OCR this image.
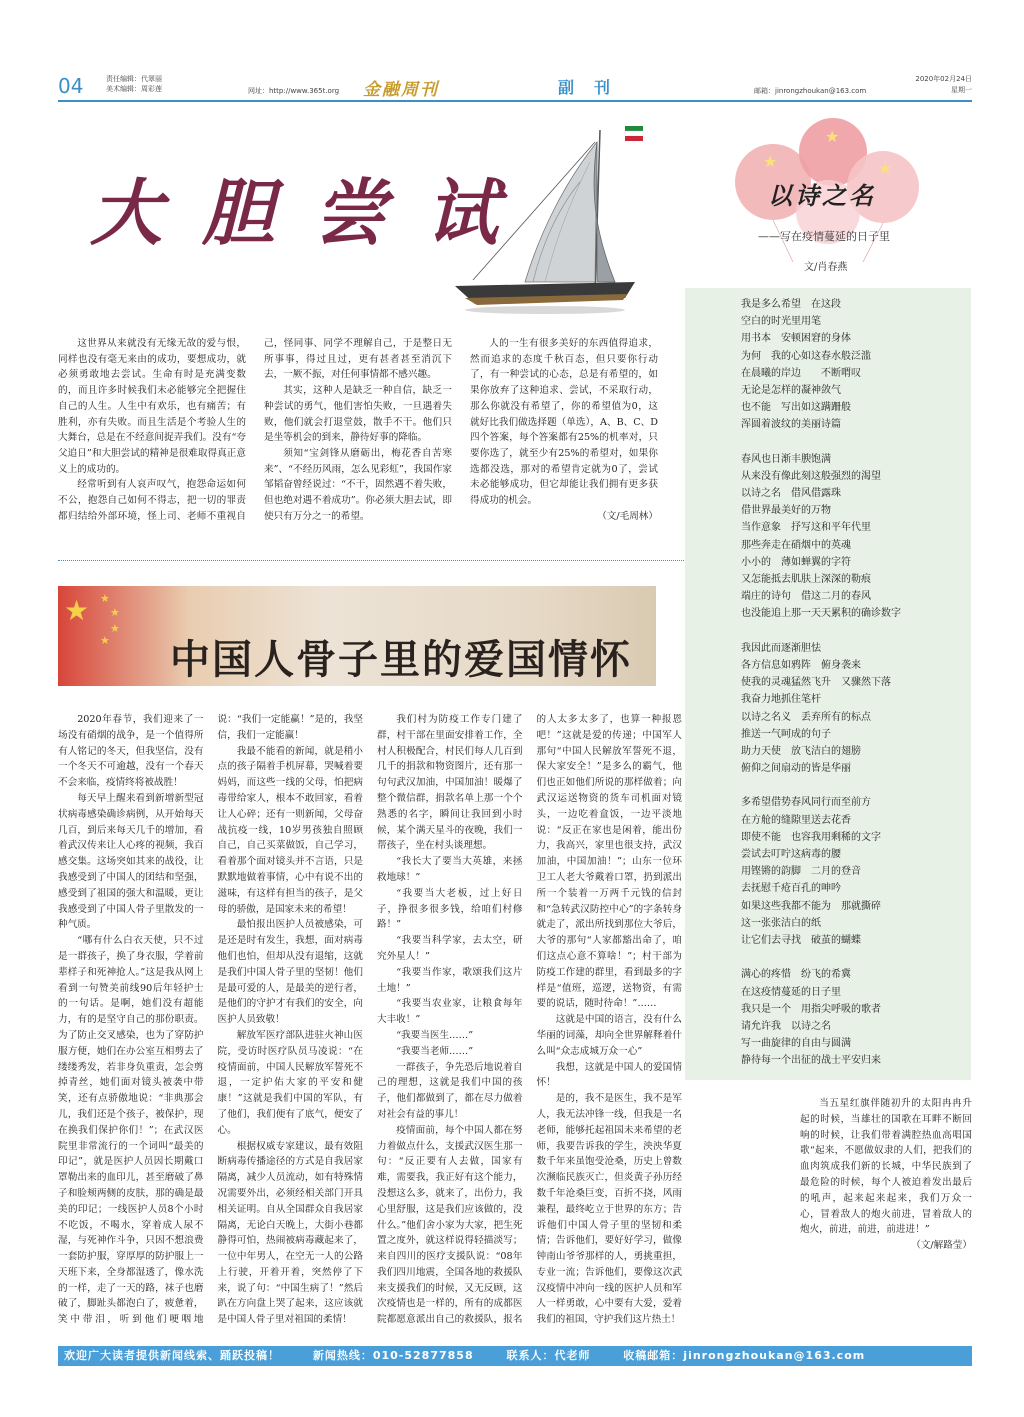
04	责任编辑：代翠丽
美术编辑：周彩莲	网址：http://www.365t.org 金融周刊	副刊	邮箱：jinrongzhoukan@163.com
2020年02月24日
星期一
大胆尝试
★
★
★
以诗之名
——写在疫情蔓延的日子里
文/肖春燕
我是多么希望　在这段
空白的时光里用笔
用书本　安顿困窘的身体
为何　我的心如这春水般泛滥
在晨曦的岸边　　不断喟叹
无论是怎样的凝神敛气
也不能　写出如这蹒跚般
浑圆着波纹的美丽诗篇
春风也日渐丰腴饱满
从来没有像此刻这般强烈的渴望
以诗之名　借风借露珠
借世界最美好的万物
当作意象　抒写这和平年代里
那些奔走在硝烟中的英魂
小小的　薄如蝉翼的字符
又怎能抵去肌肤上深深的勒痕
端庄的诗句　借这二月的春风
也没能追上那一天天累积的确诊数字
我因此而逐渐胆怯
各方信息如鸦阵　俯身袭来
使我的灵魂猛然飞升　又骤然下落
我奋力地抓住笔杆
以诗之名义　丢弃所有的标点
推送一气呵成的句子
助力天使　放飞洁白的翅膀
俯仰之间扇动的皆是华丽
多希望借势春风同行而至前方
在方舱的缝隙里送去花香
即使不能　也容我用剩稀的文字
尝试去叮咛这病毒的腰
用铿锵的韵脚　二月的登音
去抚慰千疮百孔的呻吟
如果这些我都不能为　那就撕碎
这一张张洁白的纸
让它们去寻找　破茧的蝴蝶
满心的疼惜　纷飞的希冀
在这疫情蔓延的日子里
我只是一个　用指尖呼吸的歌者
请允许我　以诗之名
写一曲旋律的自由与圆满
静待每一个出征的战士平安归来

这世界从来就没有无缘无故的爱与恨，同样也没有毫无来由的成功，要想成功，就必须勇敢地去尝试。生命有时是充满变数的，而且许多时候我们未必能够完全把握住自己的人生。人生中有欢乐，也有痛苦；有胜利，亦有失败。而且生活是个考验人生的大舞台，总是在不经意间捉弄我们。没有“夸父追日”和大胆尝试的精神是很难取得真正意义上的成功的。

经常听到有人哀声叹气，抱怨命运如何不公，抱怨自己如何不得志，把一切的罪责都归结给外部环境，怪上司、老师不重视自己，怪同事、同学不理解自己，于是整日无所事事，得过且过，更有甚者甚至消沉下去，一厥不振，对任何事情都不感兴趣。

其实，这种人是缺乏一种自信，缺乏一种尝试的勇气，他们害怕失败，一旦遇着失败，他们就会打退堂鼓，散手不干。他们只是坐等机会的到来，静待好事的降临。

须知“宝剑锋从磨砺出，梅花香自苦寒来”、“不经历风雨，怎么见彩虹”，我国作家邹韬奋曾经说过：“不干，固然遇不着失败，但也绝对遇不着成功”。你必须大胆去试，即使只有万分之一的希望。

人的一生有很多美好的东西值得追求，然而追求的态度千秋百态，但只要你行动了，有一种尝试的心态，总是有希望的，如果你放弃了这种追求、尝试，不采取行动，那么你就没有希望了，你的希望值为0，这就好比我们做选择题（单选），A、B、C、D四个答案，每个答案都有25%的机率对，只要你选了，就至少有25%的希望对，如果你选都没选，那对的希望肯定就为0了，尝试未必能够成功，但它却能让我们拥有更多获得成功的机会。

（文/毛周林）
★ ★
★
★
★ 中国人骨子里的爱国情怀

2020年春节，我们迎来了一场没有硝烟的战争，是一个值得所有人铭记的冬天，但我坚信，没有一个冬天不可逾越，没有一个春天不会来临，疫情终将被战胜！

每天早上醒来看到新增新型冠状病毒感染确诊病例，从开始每天几百，到后来每天几千的增加，看着武汉传来让人心疼的视频，我百感交集。这场突如其来的战役，让我感受到了中国人的团结和坚强，感受到了祖国的强大和温暖，更让我感受到了中国人骨子里散发的一种气质。

“哪有什么白衣天使，只不过是一群孩子，换了身衣服，学着前辈样子和死神抢人。”这是我从网上看到一句赞美前线90后年轻护士的一句话。是啊，她们没有超能力，有的是坚守自己的那份职责。为了防止交叉感染，也为了穿防护服方便，她们在办公室互相剪去了缕缕秀发，若非身负重责，怎会剪掉青丝，她们面对镜头被袭中带笑，还有点骄傲地说：“非典那会儿，我们还是个孩子，被保护，现在换我们保护你们！”；在武汉医院里非常流行的一个词叫“最美的印记”，就是医护人员因长期戴口罩勒出来的血印儿，甚至磨破了鼻子和脸颊两侧的皮肤，那的确是最美的印记；一线医护人员8个小时不吃饭，不喝水，穿着成人尿不湿，与死神作斗争，只因不想浪费一套防护服，穿厚厚的防护服上一天班下来，全身都湿透了，像水洗的一样，走了一天的路，袜子也磨破了，脚趾头都泡白了，疲惫着，笑中带泪，听到他们哽咽地说：“我们一定能赢！”是的，我坚信，我们一定能赢！

我最不能看的新闻，就是稍小点的孩子隔着手机屏幕，哭喊着要妈妈，而这些一线的父母，怕把病毒带给家人，根本不敢回家，看着让人心碎；还有一则新闻，父母奋战抗疫一线，10岁男孩独自照顾自己，自己买菜做饭，自己学习，看着那个面对镜头并不言语，只是默默地做着事情，心中有说不出的滋味，有这样有担当的孩子，是父母的骄傲，是国家未来的希望！

最怕报出医护人员被感染，可是还是时有发生，我想，面对病毒他们也怕，但却从没有退缩，这就是我们中国人骨子里的坚韧！他们是最可爱的人，是最美的逆行者，是他们的守护才有我们的安全，向医护人员致敬！

解放军医疗部队进驻火神山医院，受访时医疗队员马凌说：“在疫情面前，中国人民解放军誓死不退，一定护佑大家的平安和健康！”这就是我们中国的军队，有了他们，我们便有了底气，便安了心。

根据权威专家建议，最有效阻断病毒传播途径的方式是自我居家隔离，减少人员流动，如有特殊情况需要外出，必须经相关部门开具相关证明。自从全国群众自我居家隔离，无论白天晚上，大街小巷都静得可怕，热闹被病毒藏起来了，一位中年男人，在空无一人的公路上行驶，开着开着，突然停了下来，说了句：“中国生病了！”然后趴在方向盘上哭了起来，这应该就是中国人骨子里对祖国的柔情！

我们村为防疫工作专门建了群，村干部在里面安排着工作，全村人积极配合，村民们每人几百到几千的捐款和物资图片，还有那一句句武汉加油，中国加油！暖爆了整个微信群，捐款名单上那一个个熟悉的名字，瞬间让我回到小时候，某个满天星斗的夜晚，我们一帮孩子，坐在村头谈理想。

“我长大了要当大英雄，来拯救地球！”

“我要当大老板，过上好日子，挣很多很多钱，给咱们村修路！”

“我要当科学家，去太空，研究外星人！”

“我要当作家，歌颂我们这片土地！”

“我要当农业家，让粮食每年大丰收！”

“我要当医生……”

“我要当老师……”

一群孩子，争先恐后地说着自己的理想，这就是我们中国的孩子，他们都做到了，都在尽力做着对社会有益的事儿！

疫情面前，每个中国人都在努力着做点什么，支援武汉医生那一句：“反正要有人去做，国家有难，需要我，我正好有这个能力，没想这么多，就来了，出份力，我心里舒服，这是我们应该做的，没什么。”他们舍小家为大家，把生死置之度外，就这样说得轻描淡写；来自四川的医疗支援队说：“08年我们四川地震，全国各地的救援队来支援我们的时候，又无反顾，这次疫情也是一样的，所有的成都医院都愿意派出自己的救援队，报名的人太多太多了，也算一种报恩吧！”这就是爱的传递；中国军人那句“中国人民解放军誓死不退，保大家安全！”是多么的霸气，他们也正如他们所说的那样做着；向武汉运送物资的货车司机面对镜头，一边吃着盒饭，一边平淡地说：“反正在家也是闲着，能出份力，我高兴，家里也很支持，武汉加油，中国加油！”；山东一位环卫工人老大爷戴着口罩，扔到派出所一个装着一万两千元钱的信封和“急转武汉防控中心”的字条转身就走了，派出所找到那位大爷后，大爷的那句“人家都豁出命了，咱们这点心意不算啥！”；村干部为防疫工作建的群里，看到最多的字样是“值班，巡逻，送物资，有需要的说话，随时待命！”……

这就是中国的语言，没有什么华丽的词藻，却向全世界解释着什么叫“众志成城万众一心”

我想，这就是中国人的爱国情怀！

是的，我不是医生，我不是军人，我无法冲锋一线，但我是一名老师，能够托起祖国未来希望的老师，我要告诉我的学生，泱泱华夏数千年来虽饱受沧桑，历史上曾数次濒临民族灭亡，但炎黄子孙历经数千年沧桑巨变，百折不挠，风雨兼程，最终屹立于世界的东方；告诉他们中国人骨子里的坚韧和柔情；告诉他们，要好好学习，做像钟南山爷爷那样的人，勇挑重担，专业一流；告诉他们，要像这次武汉疫情中冲向一线的医护人员和军人一样勇敢，心中要有大爱，爱着我们的祖国，守护我们这片热土！

当五星红旗伴随初升的太阳冉冉升起的时候，当雄壮的国歌在耳畔不断回响的时候，让我们带着满腔热血高唱国歌“起来，不愿做奴隶的人们，把我们的血肉筑成我们新的长城，中华民族到了最危险的时候，每个人被迫着发出最后的吼声，起来起来起来，我们万众一心，冒着敌人的炮火前进，冒着敌人的炮火，前进，前进，前进进！”

（文/解路莹）
欢迎广大读者提供新闻线索、踊跃投稿！	新闻热线：010-52877858	联系人：代老师	收稿邮箱：jinrongzhoukan@163.com
